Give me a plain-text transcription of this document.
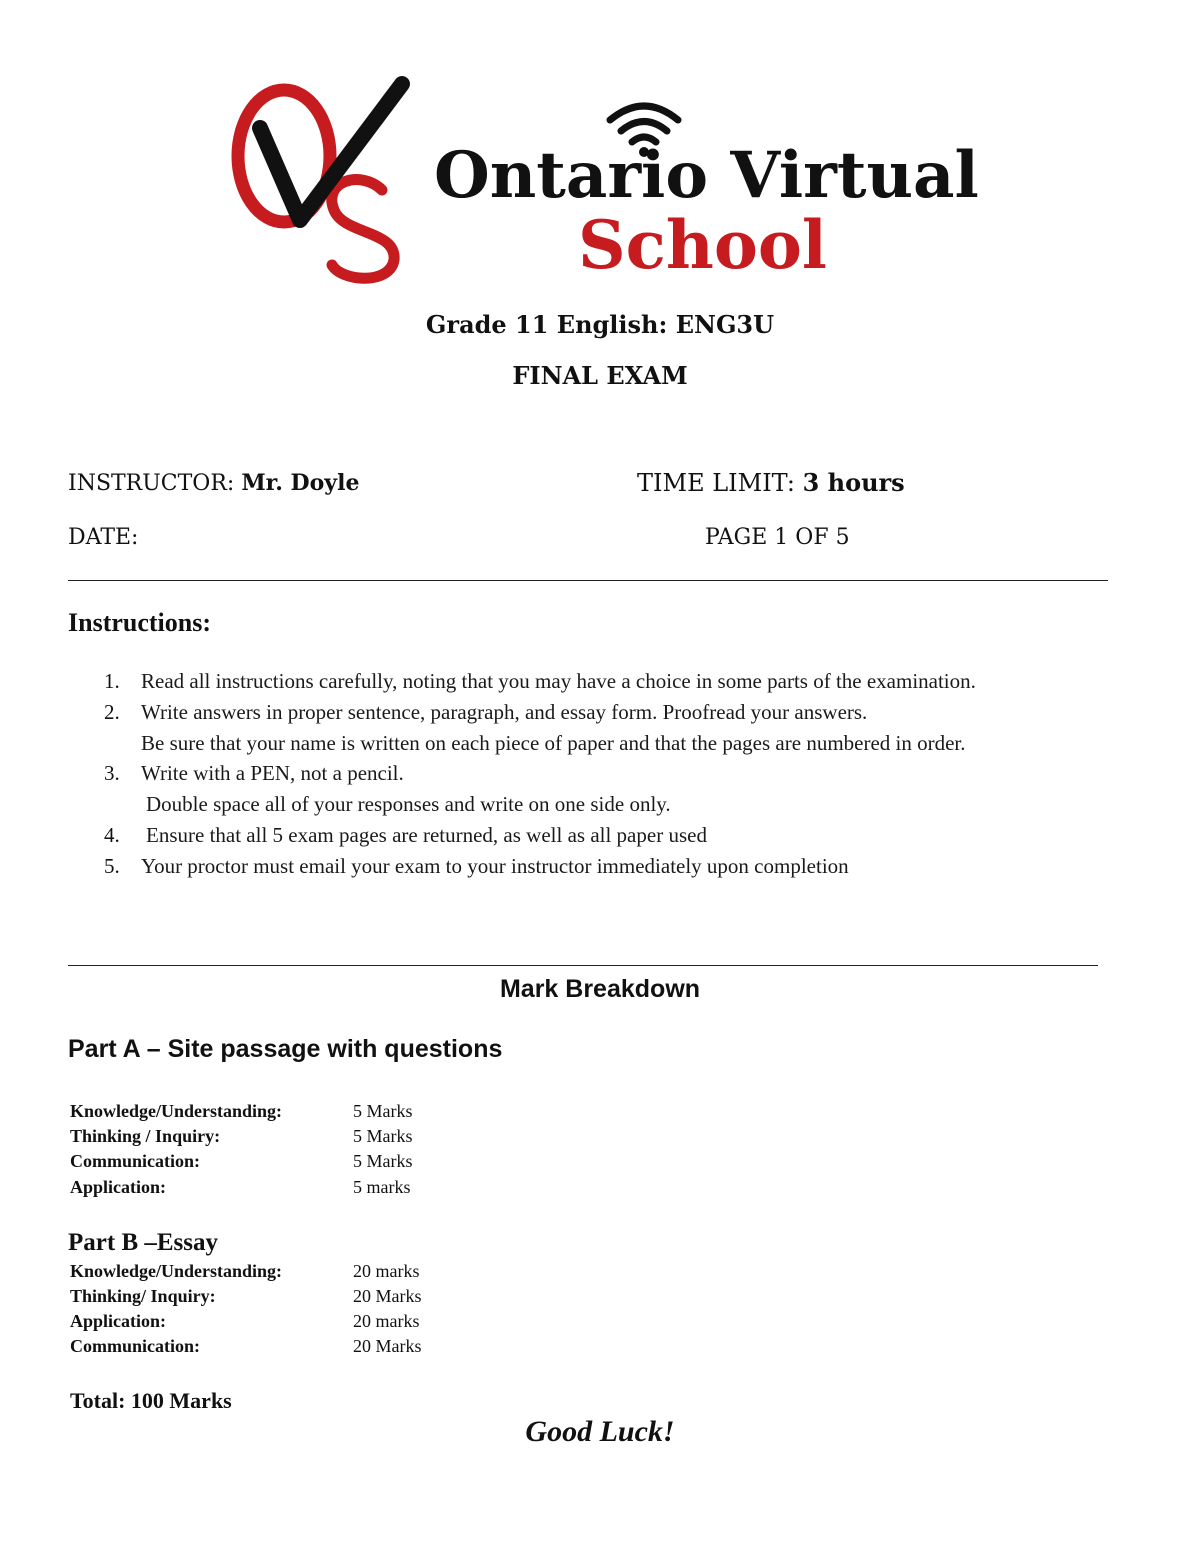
Ontario Virtual
School
Grade 11 English: ENG3U
FINAL EXAM
INSTRUCTOR: Mr. Doyle	TIME LIMIT: 3 hours
DATE:	PAGE 1 OF 5
Instructions:
1. Read all instructions carefully, noting that you may have a choice in some parts of the examination.
2. Write answers in proper sentence, paragraph, and essay form. Proofread your answers.
Be sure that your name is written on each piece of paper and that the pages are numbered in order.
3. Write with a PEN, not a pencil.
Double space all of your responses and write on one side only.
4. Ensure that all 5 exam pages are returned, as well as all paper used
5. Your proctor must email your exam to your instructor immediately upon completion
Mark Breakdown
Part A – Site passage with questions
Knowledge/Understanding:	5 Marks
Thinking / Inquiry:	5 Marks
Communication:	5 Marks
Application:	5 marks
Part B –Essay
Knowledge/Understanding:	20 marks
Thinking/ Inquiry:	20 Marks
Application:	20 marks
Communication:	20 Marks
Total: 100 Marks
Good Luck!
